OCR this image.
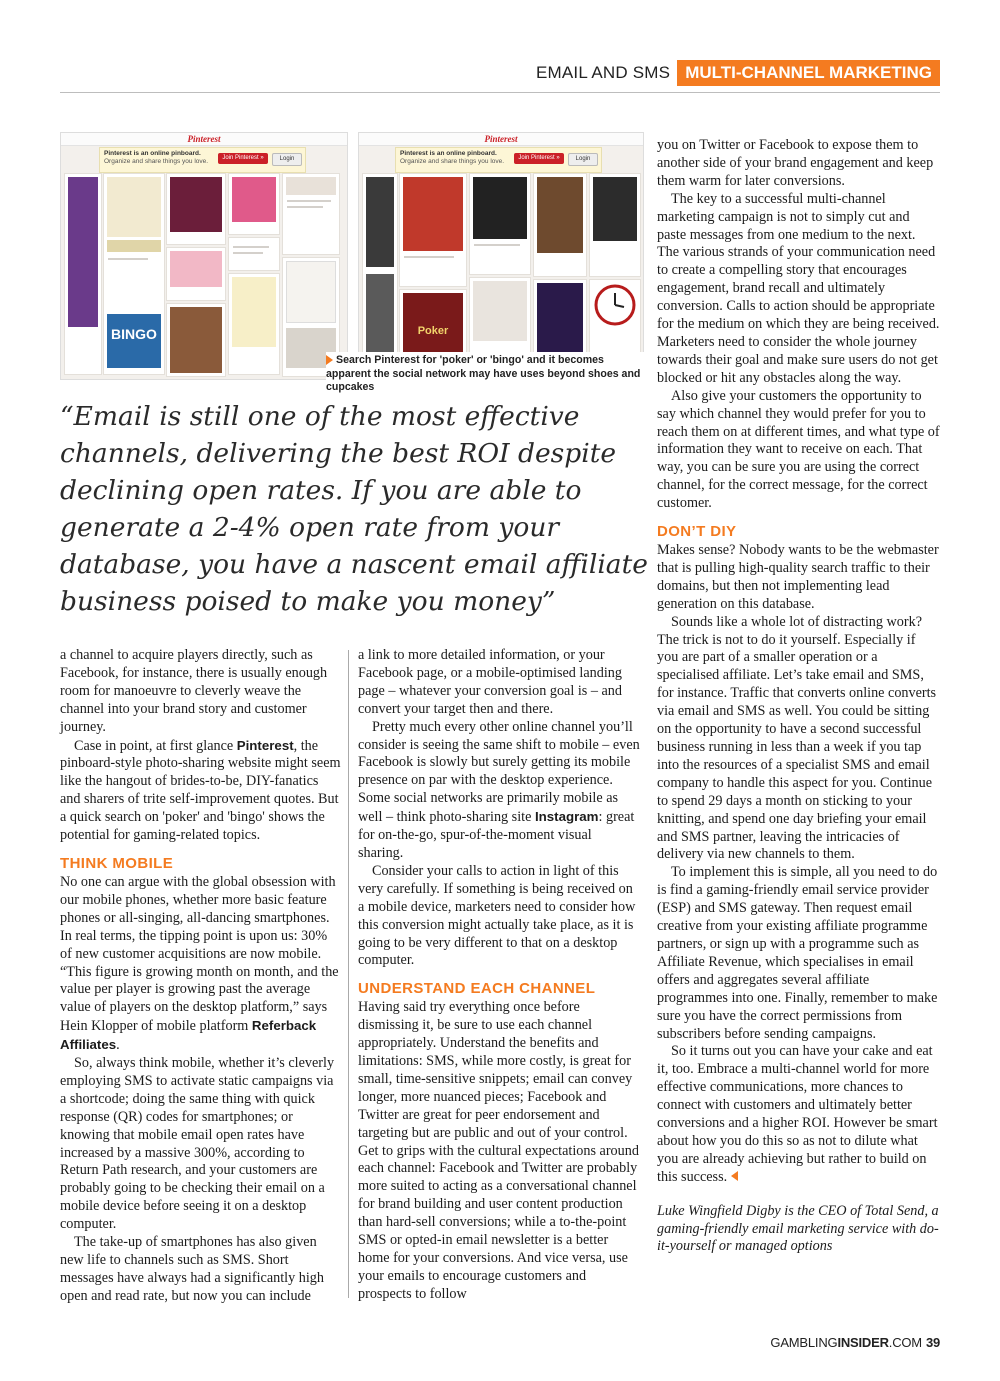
EMAIL AND SMS MULTI-CHANNEL MARKETING
Pinterest
Pinterest is an online pinboard.
Organize and share things you love.	Join Pinterest »	Login
BINGO
Pinterest
Pinterest is an online pinboard.
Organize and share things you love.	Join Pinterest »	Login
Poker
Search Pinterest for 'poker' or 'bingo' and it becomes apparent the social network may have uses beyond shoes and cupcakes

“Email is still one of the most effective channels, delivering the best ROI despite declining open rates. If you are able to generate a 2-4% open rate from your database, you have a nascent email affiliate business poised to make you money”

a channel to acquire players directly, such as Facebook, for instance, there is usually enough room for manoeuvre to cleverly weave the channel into your brand story and customer journey.

Case in point, at first glance Pinterest, the pinboard-style photo-sharing website might seem like the hangout of brides-to-be, DIY-fanatics and sharers of trite self-improvement quotes. But a quick search on 'poker' and 'bingo' shows the potential for gaming-related topics.

THINK MOBILE

No one can argue with the global obsession with our mobile phones, whether more basic feature phones or all-singing, all-dancing smartphones. In real terms, the tipping point is upon us: 30% of new customer acquisitions are now mobile. “This figure is growing month on month, and the value per player is growing past the average value of players on the desktop platform,” says Hein Klopper of mobile platform Referback Affiliates.

So, always think mobile, whether it’s cleverly employing SMS to activate static campaigns via a shortcode; doing the same thing with quick response (QR) codes for smartphones; or knowing that mobile email open rates have increased by a massive 300%, according to Return Path research, and your customers are probably going to be checking their email on a mobile device before seeing it on a desktop computer.

The take-up of smartphones has also given new life to channels such as SMS. Short messages have always had a significantly high open and read rate, but now you can include

a link to more detailed information, or your Facebook page, or a mobile-optimised landing page – whatever your conversion goal is – and convert your target then and there.

Pretty much every other online channel you’ll consider is seeing the same shift to mobile – even Facebook is slowly but surely getting its mobile presence on par with the desktop experience. Some social networks are primarily mobile as well – think photo-sharing site Instagram: great for on-the-go, spur-of-the-moment visual sharing.

Consider your calls to action in light of this very carefully. If something is being received on a mobile device, marketers need to consider how this conversion might actually take place, as it is going to be very different to that on a desktop computer.

UNDERSTAND EACH CHANNEL

Having said try everything once before dismissing it, be sure to use each channel appropriately. Understand the benefits and limitations: SMS, while more costly, is great for small, time-sensitive snippets; email can convey longer, more nuanced pieces; Facebook and Twitter are great for peer endorsement and targeting but are public and out of your control. Get to grips with the cultural expectations around each channel: Facebook and Twitter are probably more suited to acting as a conversational channel for brand building and user content production than hard-sell conversions; while a to-the-point SMS or opted-in email newsletter is a better home for your conversions. And vice versa, use your emails to encourage customers and prospects to follow

you on Twitter or Facebook to expose them to another side of your brand engagement and keep them warm for later conversions.

The key to a successful multi-channel marketing campaign is not to simply cut and paste messages from one medium to the next. The various strands of your communication need to create a compelling story that encourages engagement, brand recall and ultimately conversion. Calls to action should be appropriate for the medium on which they are being received. Marketers need to consider the whole journey towards their goal and make sure users do not get blocked or hit any obstacles along the way.

Also give your customers the opportunity to say which channel they would prefer for you to reach them on at different times, and what type of information they want to receive on each. That way, you can be sure you are using the correct channel, for the correct message, for the correct customer.

DON’T DIY

Makes sense? Nobody wants to be the webmaster that is pulling high-quality search traffic to their domains, but then not implementing lead generation on this database.

Sounds like a whole lot of distracting work? The trick is not to do it yourself. Especially if you are part of a smaller operation or a specialised affiliate. Let’s take email and SMS, for instance. Traffic that converts online converts via email and SMS as well. You could be sitting on the opportunity to have a second successful business running in less than a week if you tap into the resources of a specialist SMS and email company to handle this aspect for you. Continue to spend 29 days a month on sticking to your knitting, and spend one day briefing your email and SMS partner, leaving the intricacies of delivery via new channels to them.

To implement this is simple, all you need to do is find a gaming-friendly email service provider (ESP) and SMS gateway. Then request email creative from your existing affiliate programme partners, or sign up with a programme such as Affiliate Revenue, which specialises in email offers and aggregates several affiliate programmes into one. Finally, remember to make sure you have the correct permissions from subscribers before sending campaigns.

So it turns out you can have your cake and eat it, too. Embrace a multi-channel world for more effective communications, more chances to connect with customers and ultimately better conversions and a higher ROI. However be smart about how you do this so as not to dilute what you are already achieving but rather to build on this success.

Luke Wingfield Digby is the CEO of Total Send, a gaming-friendly email marketing service with do-it-yourself or managed options

GAMBLINGINSIDER.COM 39
